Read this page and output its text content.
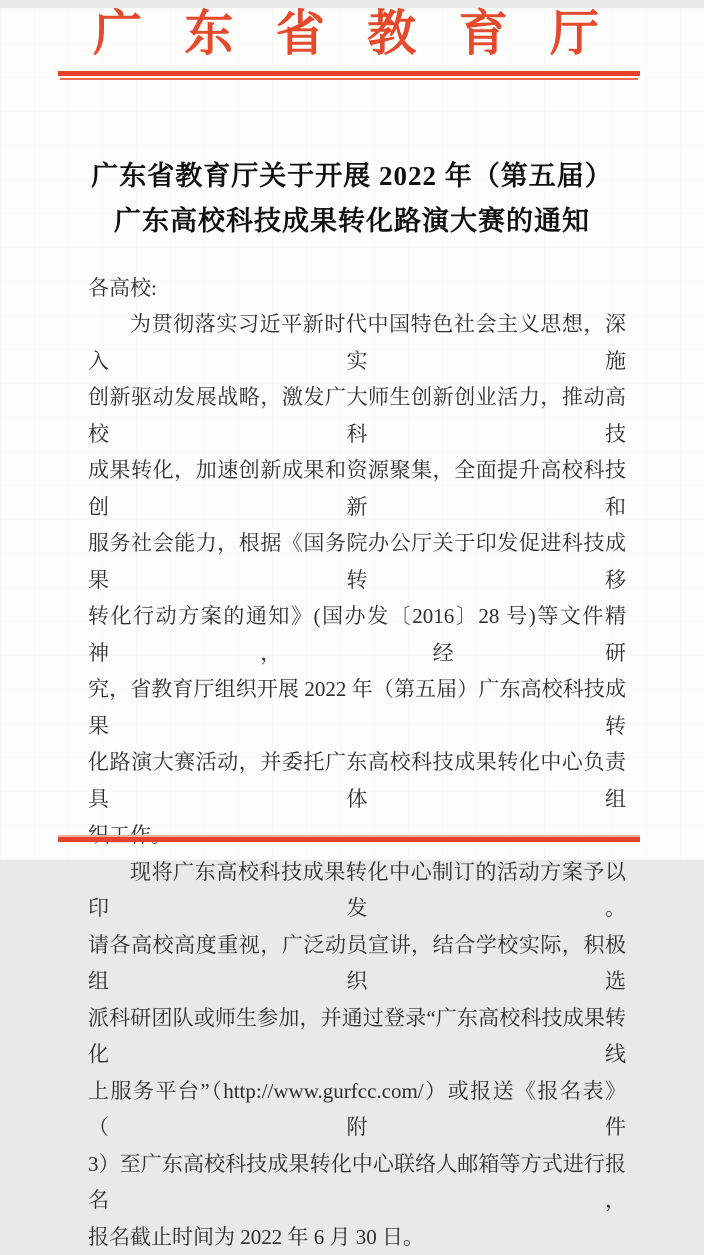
广 东 省 教 育 厅
广东省教育厅关于开展 2022 年（第五届）
广东高校科技成果转化路演大赛的通知

各高校:

为贯彻落实习近平新时代中国特色社会主义思想，深入实施

创新驱动发展战略，激发广大师生创新创业活力，推动高校科技

成果转化，加速创新成果和资源聚集，全面提升高校科技创新和

服务社会能力，根据《国务院办公厅关于印发促进科技成果转移

转化行动方案的通知》(国办发〔2016〕28 号)等文件精神，经研

究，省教育厅组织开展 2022 年（第五届）广东高校科技成果转

化路演大赛活动，并委托广东高校科技成果转化中心负责具体组

现将广东高校科技成果转化中心制订的活动方案予以印发。

请各高校高度重视，广泛动员宣讲，结合学校实际，积极组织选

派科研团队或师生参加，并通过登录“广东高校科技成果转化线

上服务平台”（http://www.gurfcc.com/）或报送《报名表》（附件

3）至广东高校科技成果转化中心联络人邮箱等方式进行报名，

报名截止时间为 2022 年 6 月 30 日。
